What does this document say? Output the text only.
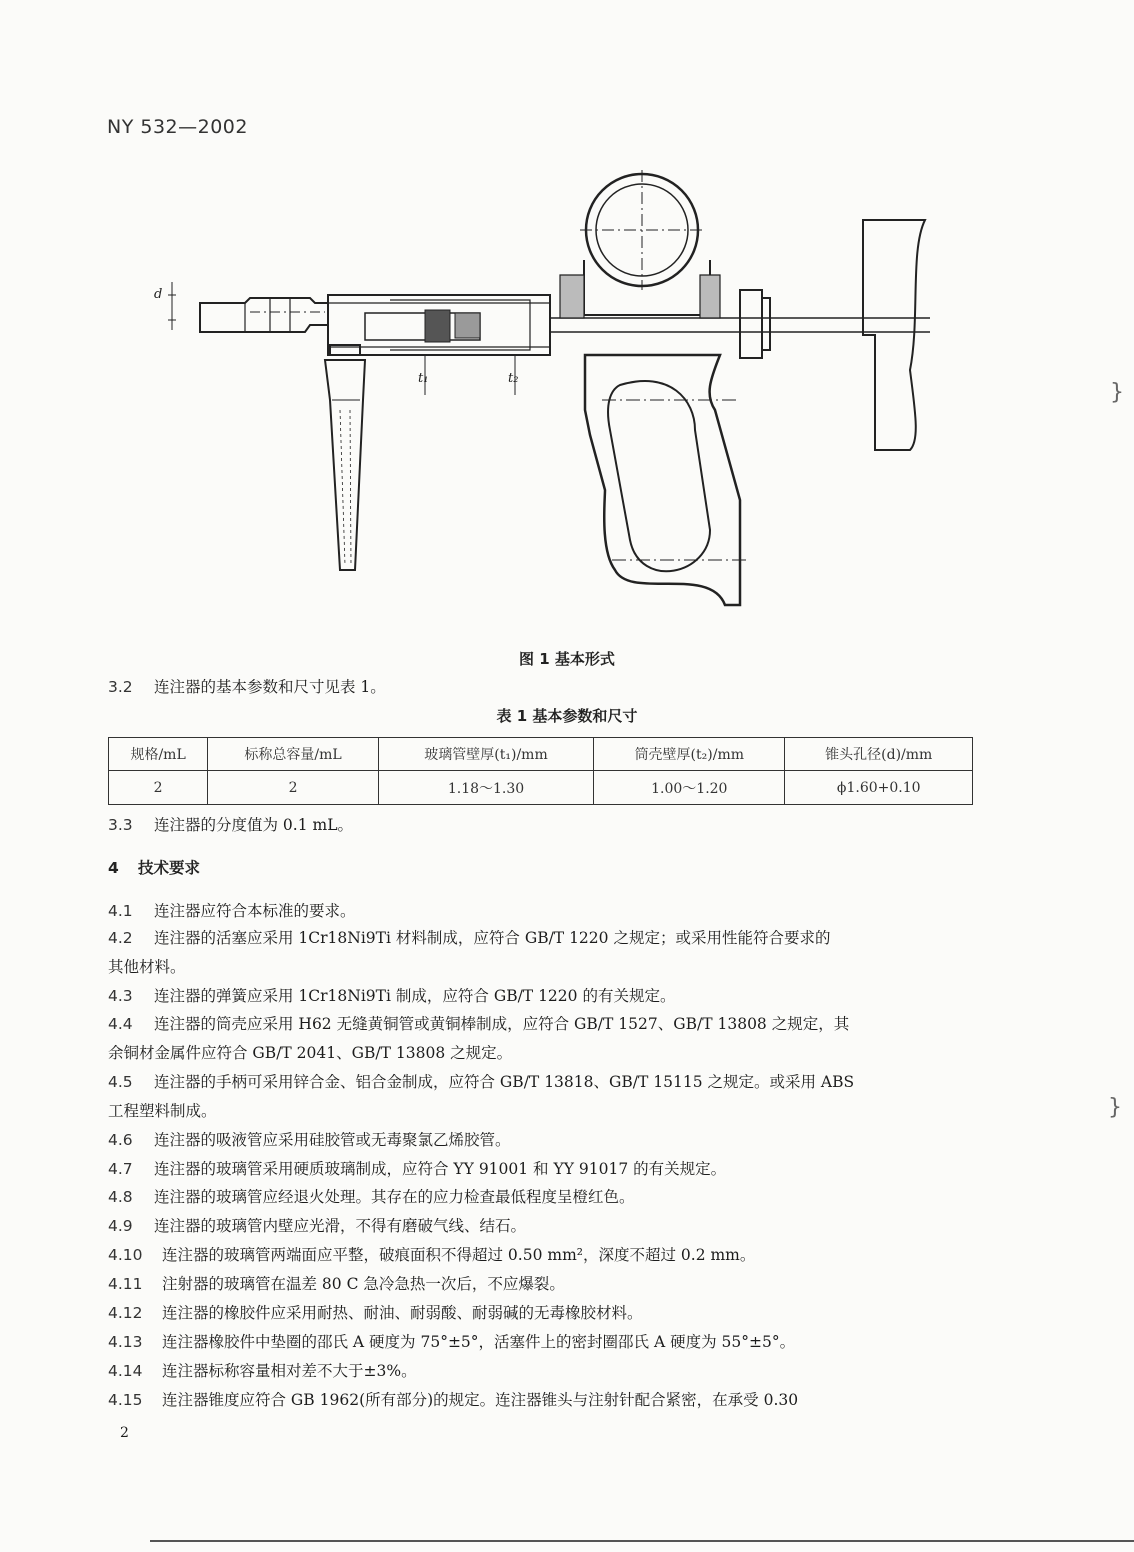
NY 532—2002
d
t₁	t₂
图 1 基本形式
3.2 连注器的基本参数和尺寸见表 1。
表 1 基本参数和尺寸
规格/mL	标称总容量/mL	玻璃管壁厚(t₁)/mm	筒壳壁厚(t₂)/mm	锥头孔径(d)/mm
2	2	1.18～1.30	1.00～1.20	ϕ1.60+0.10
3.3 连注器的分度值为 0.1 mL。
4 技术要求
4.1 连注器应符合本标准的要求。
4.2 连注器的活塞应采用 1Cr18Ni9Ti 材料制成，应符合 GB/T 1220 之规定；或采用性能符合要求的
其他材料。
4.3 连注器的弹簧应采用 1Cr18Ni9Ti 制成，应符合 GB/T 1220 的有关规定。
4.4 连注器的筒壳应采用 H62 无缝黄铜管或黄铜棒制成，应符合 GB/T 1527、GB/T 13808 之规定，其
余铜材金属件应符合 GB/T 2041、GB/T 13808 之规定。
4.5 连注器的手柄可采用锌合金、铝合金制成，应符合 GB/T 13818、GB/T 15115 之规定。或采用 ABS
工程塑料制成。
4.6 连注器的吸液管应采用硅胶管或无毒聚氯乙烯胶管。
4.7 连注器的玻璃管采用硬质玻璃制成，应符合 YY 91001 和 YY 91017 的有关规定。
4.8 连注器的玻璃管应经退火处理。其存在的应力检查最低程度呈橙红色。
4.9 连注器的玻璃管内壁应光滑，不得有磨破气线、结石。
4.10 连注器的玻璃管两端面应平整，破痕面积不得超过 0.50 mm²，深度不超过 0.2 mm。
4.11 注射器的玻璃管在温差 80 C 急冷急热一次后，不应爆裂。
4.12 连注器的橡胶件应采用耐热、耐油、耐弱酸、耐弱碱的无毒橡胶材料。
4.13 连注器橡胶件中垫圈的邵氏 A 硬度为 75°±5°，活塞件上的密封圈邵氏 A 硬度为 55°±5°。
4.14 连注器标称容量相对差不大于±3%。
4.15 连注器锥度应符合 GB 1962(所有部分)的规定。连注器锥头与注射针配合紧密，在承受 0.30
2
}
}
